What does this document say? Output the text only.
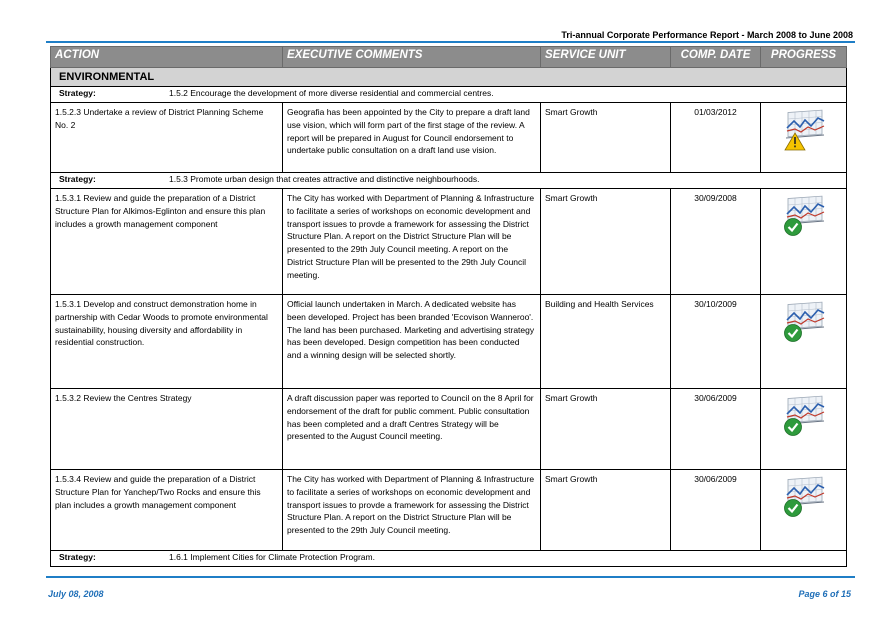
Tri-annual Corporate Performance Report - March 2008 to June 2008
ACTION	EXECUTIVE COMMENTS	SERVICE UNIT	COMP. DATE	PROGRESS
ENVIRONMENTAL				
Strategy: 1.5.2 Encourage the development of more diverse residential and commercial centres.				
1.5.2.3 Undertake a review of District Planning Scheme No. 2	Geografia has been appointed by the City to prepare a draft land use vision, which will form part of the first stage of the review. A report will be prepared in August for Council endorsement to undertake public consultation on a draft land use vision.	Smart Growth	01/03/2012	
Strategy: 1.5.3 Promote urban design that creates attractive and distinctive neighbourhoods.				
1.5.3.1 Review and guide the preparation of a District Structure Plan for Alkimos-Eglinton and ensure this plan includes a growth management component	The City has worked with Department of Planning & Infrastructure to facilitate a series of workshops on economic development and transport issues to provde a framework for assessing the District Structure Plan. A report on the District Structure Plan will be presented to the 29th July Council meeting. A report on the District Structure Plan will be presented to the 29th July Council meeting.	Smart Growth	30/09/2008	
1.5.3.1 Develop and construct demonstration home in partnership with Cedar Woods to promote environmental sustainability, housing diversity and affordability in residential construction.	Official launch undertaken in March. A dedicated website has been developed. Project has been branded 'Ecovison Wanneroo'. The land has been purchased. Marketing and advertising strategy has been developed. Design competition has been conducted and a winning design will be selected shortly.	Building and Health Services	30/10/2009	
1.5.3.2 Review the Centres Strategy	A draft discussion paper was reported to Council on the 8 April for endorsement of the draft for public comment. Public consultation has been completed and a draft Centres Strategy will be presented to the August Council meeting.	Smart Growth	30/06/2009	
1.5.3.4 Review and guide the preparation of a District Structure Plan for Yanchep/Two Rocks and ensure this plan includes a growth management component	The City has worked with Department of Planning & Infrastructure to facilitate a series of workshops on economic development and transport issues to provde a framework for assessing the District Structure Plan. A report on the District Structure Plan will be presented to the 29th July Council meeting.	Smart Growth	30/06/2009	
Strategy: 1.6.1 Implement Cities for Climate Protection Program.				
July 08, 2008	Page 6 of 15
